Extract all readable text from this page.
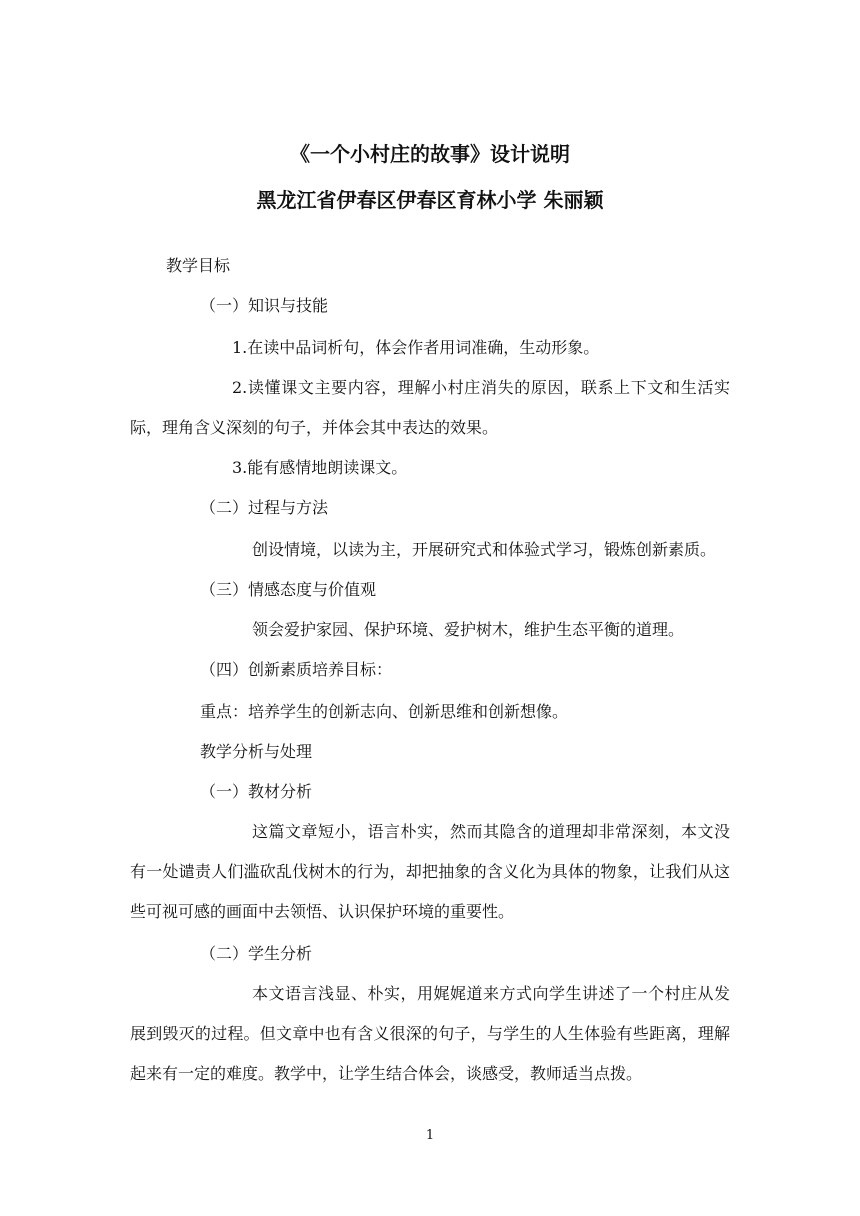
《一个小村庄的故事》设计说明
黑龙江省伊春区伊春区育林小学 朱丽颖
教学目标
（一）知识与技能
1.在读中品词析句，体会作者用词准确，生动形象。
2.读懂课文主要内容，理解小村庄消失的原因，联系上下文和生活实际，理角含义深刻的句子，并体会其中表达的效果。
3.能有感情地朗读课文。
（二）过程与方法
创设情境，以读为主，开展研究式和体验式学习，锻炼创新素质。
（三）情感态度与价值观
领会爱护家园、保护环境、爱护树木，维护生态平衡的道理。
（四）创新素质培养目标：
重点：培养学生的创新志向、创新思维和创新想像。
教学分析与处理
（一）教材分析
这篇文章短小，语言朴实，然而其隐含的道理却非常深刻，本文没有一处谴责人们滥砍乱伐树木的行为，却把抽象的含义化为具体的物象，让我们从这些可视可感的画面中去领悟、认识保护环境的重要性。
（二）学生分析
本文语言浅显、朴实，用娓娓道来方式向学生讲述了一个村庄从发展到毁灭的过程。但文章中也有含义很深的句子，与学生的人生体验有些距离，理解起来有一定的难度。教学中，让学生结合体会，谈感受，教师适当点拨。
1
